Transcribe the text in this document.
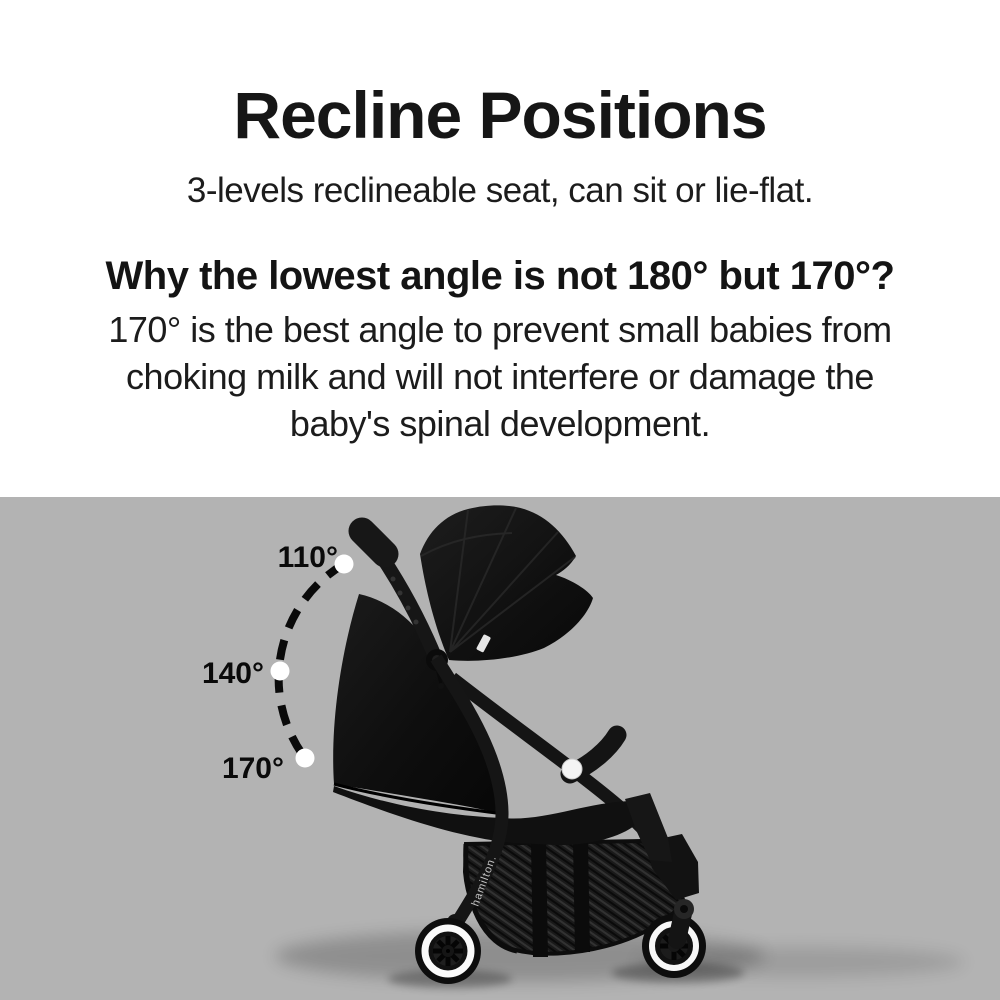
Recline Positions

3-levels reclineable seat, can sit or lie-flat.

Why the lowest angle is not 180° but 170°?
170° is the best angle to prevent small babies from
choking milk and will not interfere or damage the
baby's spinal development.
hamilton.
110°
140°
170°
